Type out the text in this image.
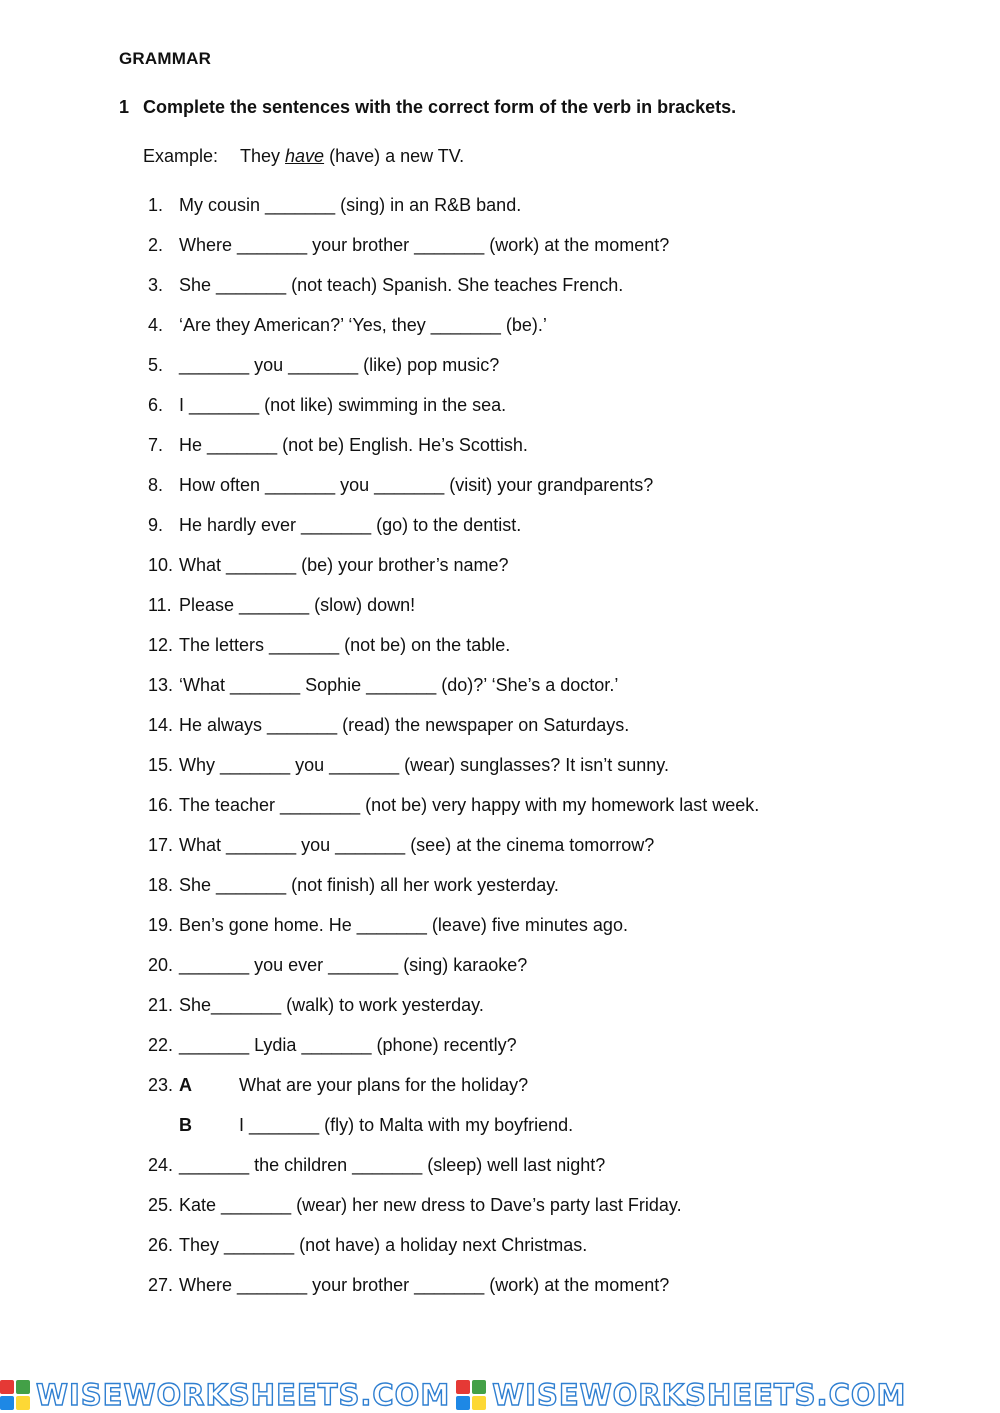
GRAMMAR
1 Complete the sentences with the correct form of the verb in brackets.
Example: They have (have) a new TV.
1. My cousin _______ (sing) in an R&B band.
2. Where _______ your brother _______ (work) at the moment?
3. She _______ (not teach) Spanish. She teaches French.
4. ‘Are they American?’ ‘Yes, they _______ (be).’
5. _______ you _______ (like) pop music?
6. I _______ (not like) swimming in the sea.
7. He _______ (not be) English. He’s Scottish.
8. How often _______ you _______ (visit) your grandparents?
9. He hardly ever _______ (go) to the dentist.
10. What _______ (be) your brother’s name?
11. Please _______ (slow) down!
12. The letters _______ (not be) on the table.
13. ‘What _______ Sophie _______ (do)?’ ‘She’s a doctor.’
14. He always _______ (read) the newspaper on Saturdays.
15. Why _______ you _______ (wear) sunglasses? It isn’t sunny.
16. The teacher ________ (not be) very happy with my homework last week.
17. What _______ you _______ (see) at the cinema tomorrow?
18. She _______ (not finish) all her work yesterday.
19. Ben’s gone home. He _______ (leave) five minutes ago.
20. _______ you ever _______ (sing) karaoke?
21. She_______ (walk) to work yesterday.
22. _______ Lydia _______ (phone) recently?
23. A	What are your plans for the holiday?
B	I _______ (fly) to Malta with my boyfriend.
24. _______ the children _______ (sleep) well last night?
25. Kate _______ (wear) her new dress to Dave’s party last Friday.
26. They _______ (not have) a holiday next Christmas.
27. Where _______ your brother _______ (work) at the moment?
WISEWORKSHEETS.COM WISEWORKSHEETS.COM
